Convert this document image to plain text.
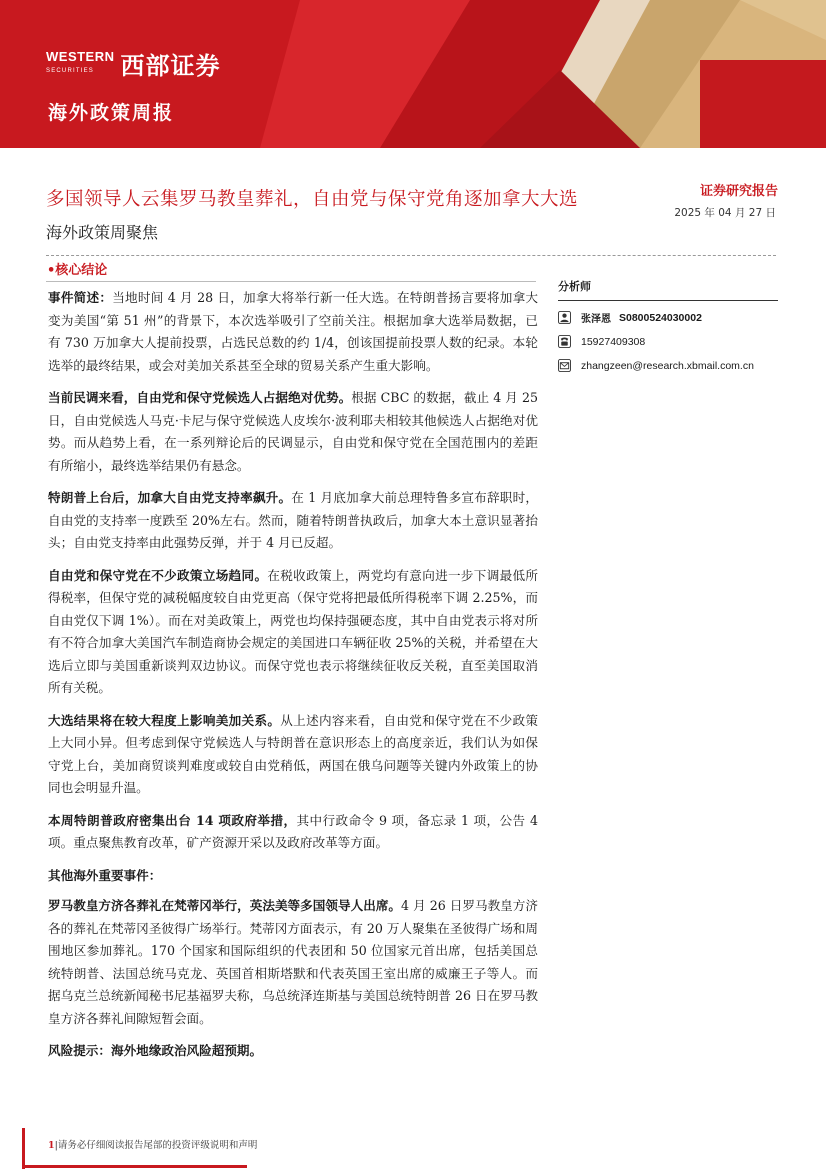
WESTERN
SECURITIES	西部证券
海外政策周报
多国领导人云集罗马教皇葬礼，自由党与保守党角逐加拿大大选
海外政策周聚焦
证券研究报告
2025 年 04 月 27 日
•核心结论

事件简述：当地时间 4 月 28 日，加拿大将举行新一任大选。在特朗普扬言要将加拿大变为美国“第 51 州”的背景下，本次选举吸引了空前关注。根据加拿大选举局数据，已有 730 万加拿大人提前投票，占选民总数的约 1/4，创该国提前投票人数的纪录。本轮选举的最终结果，或会对美加关系甚至全球的贸易关系产生重大影响。

当前民调来看，自由党和保守党候选人占据绝对优势。根据 CBC 的数据，截止 4 月 25 日，自由党候选人马克·卡尼与保守党候选人皮埃尔·波利耶夫相较其他候选人占据绝对优势。而从趋势上看，在一系列辩论后的民调显示，自由党和保守党在全国范围内的差距有所缩小，最终选举结果仍有悬念。

特朗普上台后，加拿大自由党支持率飙升。在 1 月底加拿大前总理特鲁多宣布辞职时，自由党的支持率一度跌至 20%左右。然而，随着特朗普执政后，加拿大本土意识显著抬头；自由党支持率由此强势反弹，并于 4 月已反超。

自由党和保守党在不少政策立场趋同。在税收政策上，两党均有意向进一步下调最低所得税率，但保守党的减税幅度较自由党更高（保守党将把最低所得税率下调 2.25%，而自由党仅下调 1%）。而在对美政策上，两党也均保持强硬态度，其中自由党表示将对所有不符合加拿大美国汽车制造商协会规定的美国进口车辆征收 25%的关税，并希望在大选后立即与美国重新谈判双边协议。而保守党也表示将继续征收反关税，直至美国取消所有关税。

大选结果将在较大程度上影响美加关系。从上述内容来看，自由党和保守党在不少政策上大同小异。但考虑到保守党候选人与特朗普在意识形态上的高度亲近，我们认为如保守党上台，美加商贸谈判难度或较自由党稍低，两国在俄乌问题等关键内外政策上的协同也会明显升温。

本周特朗普政府密集出台 14 项政府举措，其中行政命令 9 项，备忘录 1 项，公告 4 项。重点聚焦教育改革，矿产资源开采以及政府改革等方面。

其他海外重要事件：

罗马教皇方济各葬礼在梵蒂冈举行，英法美等多国领导人出席。4 月 26 日罗马教皇方济各的葬礼在梵蒂冈圣彼得广场举行。梵蒂冈方面表示，有 20 万人聚集在圣彼得广场和周围地区参加葬礼。170 个国家和国际组织的代表团和 50 位国家元首出席，包括美国总统特朗普、法国总统马克龙、英国首相斯塔默和代表英国王室出席的威廉王子等人。而据乌克兰总统新闻秘书尼基福罗夫称，乌总统泽连斯基与美国总统特朗普 26 日在罗马教皇方济各葬礼间隙短暂会面。

风险提示：海外地缘政治风险超预期。

分析师
张泽恩 S0800524030002
15927409308
zhangzeen@research.xbmail.com.cn
1|请务必仔细阅读报告尾部的投资评级说明和声明
